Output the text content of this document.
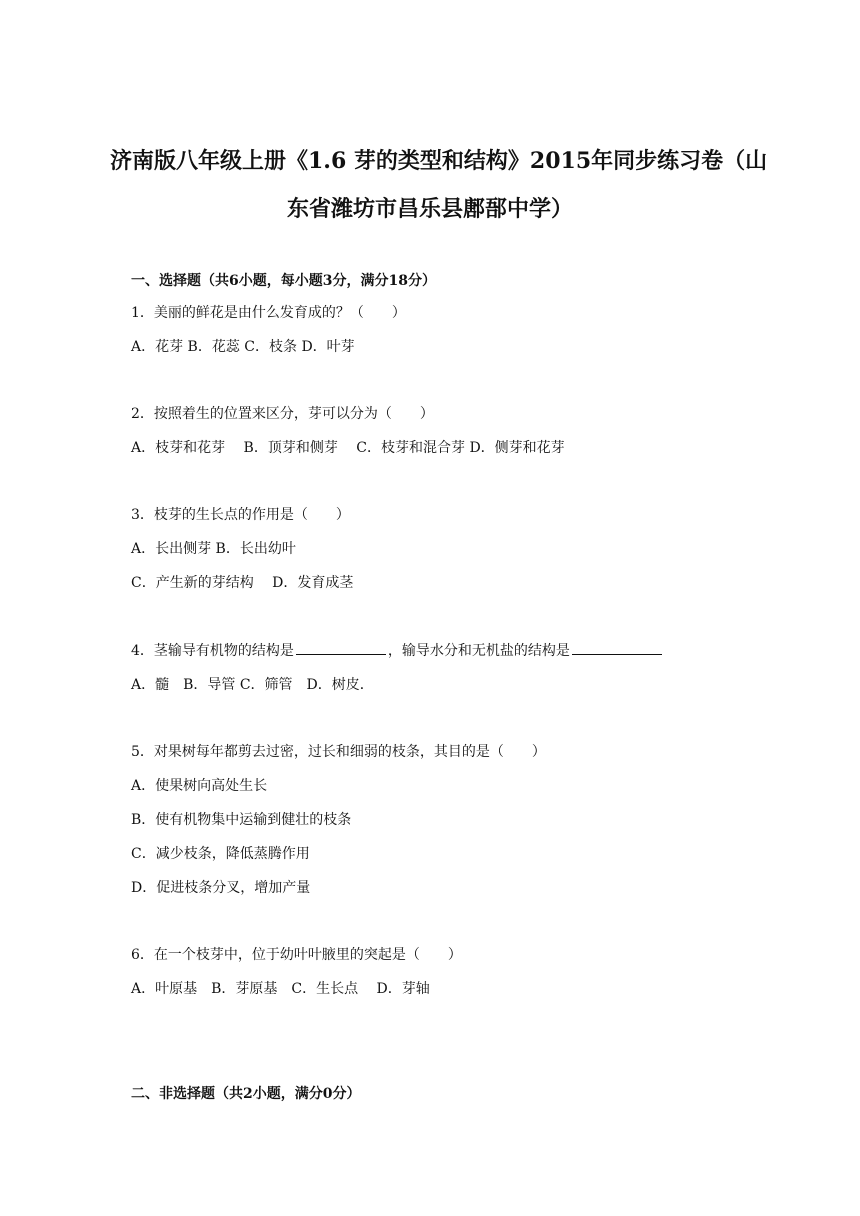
济南版八年级上册《1.6 芽的类型和结构》2015年同步练习卷（山
东省潍坊市昌乐县鄌郚中学）
一、选择题（共6小题，每小题3分，满分18分）
1．美丽的鲜花是由什么发育成的？（　　）
A．花芽 B．花蕊 C．枝条 D．叶芽
2．按照着生的位置来区分，芽可以分为（　　）
A．枝芽和花芽　 B．顶芽和侧芽　 C．枝芽和混合芽 D．侧芽和花芽
3．枝芽的生长点的作用是（　　）
A．长出侧芽 B．长出幼叶
C．产生新的芽结构　 D．发育成茎
4．茎输导有机物的结构是	，输导水分和无机盐的结构是
A．髓　B．导管 C．筛管　D．树皮．
5．对果树每年都剪去过密，过长和细弱的枝条，其目的是（　　）
A．使果树向高处生长
B．使有机物集中运输到健壮的枝条
C．减少枝条，降低蒸腾作用
D．促进枝条分叉，增加产量
6．在一个枝芽中，位于幼叶叶腋里的突起是（　　）
A．叶原基　B．芽原基　C．生长点　 D．芽轴
二、非选择题（共2小题，满分0分）
